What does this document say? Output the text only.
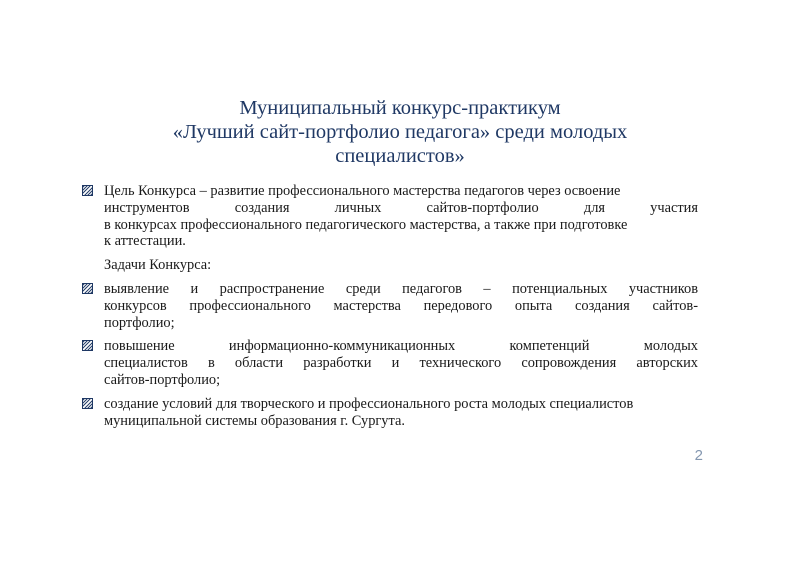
Муниципальный конкурс-практикум
«Лучший сайт-портфолио педагога» среди молодых
специалистов»
Цель Конкурса – развитие профессионального мастерства педагогов через освоение
инструментов создания личных сайтов-портфолио для участия
в конкурсах профессионального педагогического мастерства, а также при подготовке
к аттестации.
Задачи Конкурса:
выявление и распространение среди педагогов – потенциальных участников
конкурсов профессионального мастерства передового опыта создания сайтов-
портфолио;
повышение информационно-коммуникационных компетенций молодых
специалистов в области разработки и технического сопровождения авторских
сайтов-портфолио;
создание условий для творческого и профессионального роста молодых специалистов
муниципальной системы образования г. Сургута.
2
